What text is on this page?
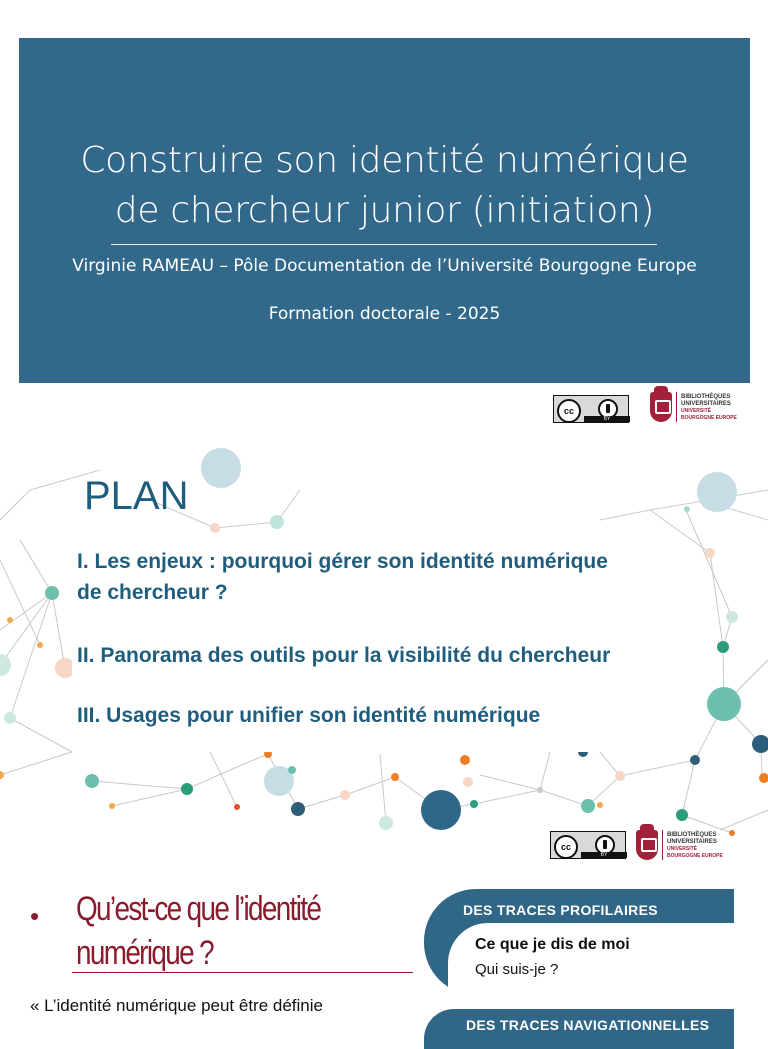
Construire son identité numérique
de chercheur junior (initiation)
Virginie RAMEAU – Pôle Documentation de l’Université Bourgogne Europe
Formation doctorale - 2025
cc
BY
BIBLIOTHÈQUES
UNIVERSITAIRES
UNIVERSITÉ
BOURGOGNE EUROPE
PLAN
I. Les enjeux : pourquoi gérer son identité numérique
de chercheur ?
II. Panorama des outils pour la visibilité du chercheur
III. Usages pour unifier son identité numérique
cc
BY
BIBLIOTHÈQUES
UNIVERSITAIRES
UNIVERSITÉ
BOURGOGNE EUROPE
• Qu’est-ce que l’identité
numérique ?
« L’identité numérique peut être définie
DES TRACES PROFILAIRES
Ce que je dis de moi
Qui suis-je ?
DES TRACES NAVIGATIONNELLES
